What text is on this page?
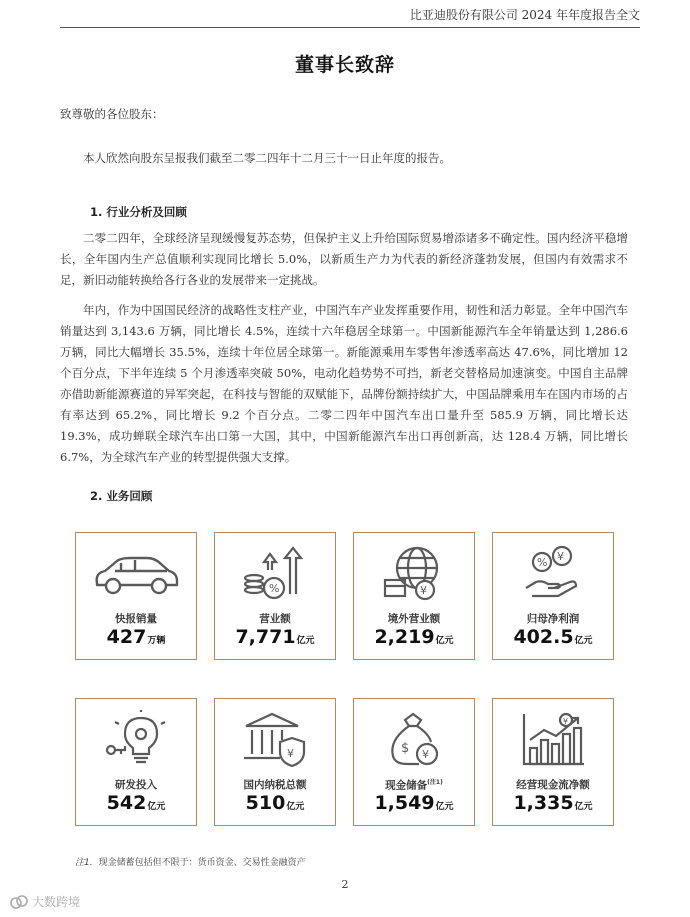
比亚迪股份有限公司 2024 年年度报告全文
董事长致辞
致尊敬的各位股东：
本人欣然向股东呈报我们截至二零二四年十二月三十一日止年度的报告。
1. 行业分析及回顾
二零二四年，全球经济呈现缓慢复苏态势，但保护主义上升给国际贸易增添诸多不确定性。国内经济平稳增长，全年国内生产总值顺利实现同比增长 5.0%，以新质生产力为代表的新经济蓬勃发展，但国内有效需求不足，新旧动能转换给各行各业的发展带来一定挑战。
年内，作为中国国民经济的战略性支柱产业，中国汽车产业发挥重要作用，韧性和活力彰显。全年中国汽车销量达到 3,143.6 万辆，同比增长 4.5%，连续十六年稳居全球第一。中国新能源汽车全年销量达到 1,286.6 万辆，同比大幅增长 35.5%，连续十年位居全球第一。新能源乘用车零售年渗透率高达 47.6%，同比增加 12 个百分点，下半年连续 5 个月渗透率突破 50%，电动化趋势势不可挡，新老交替格局加速演变。中国自主品牌亦借助新能源赛道的异军突起，在科技与智能的双赋能下，品牌份额持续扩大，中国品牌乘用车在国内市场的占有率达到 65.2%，同比增长 9.2 个百分点。二零二四年中国汽车出口量升至 585.9 万辆，同比增长达 19.3%，成功蝉联全球汽车出口第一大国，其中，中国新能源汽车出口再创新高，达 128.4 万辆，同比增长 6.7%，为全球汽车产业的转型提供强大支撑。
2. 业务回顾
快报销量
427万辆
%
营业额
7,771亿元
¥
境外营业额
2,219亿元
% ¥
归母净利润
402.5亿元
研发投入
542亿元
¥
国内纳税总额
510亿元
¥
$
现金储备$^{(注1)}$
1,549亿元
¥
经营现金流净额
1,335亿元
注1. 现金储蓄包括但不限于：货币资金、交易性金融资产
2
大数跨境
